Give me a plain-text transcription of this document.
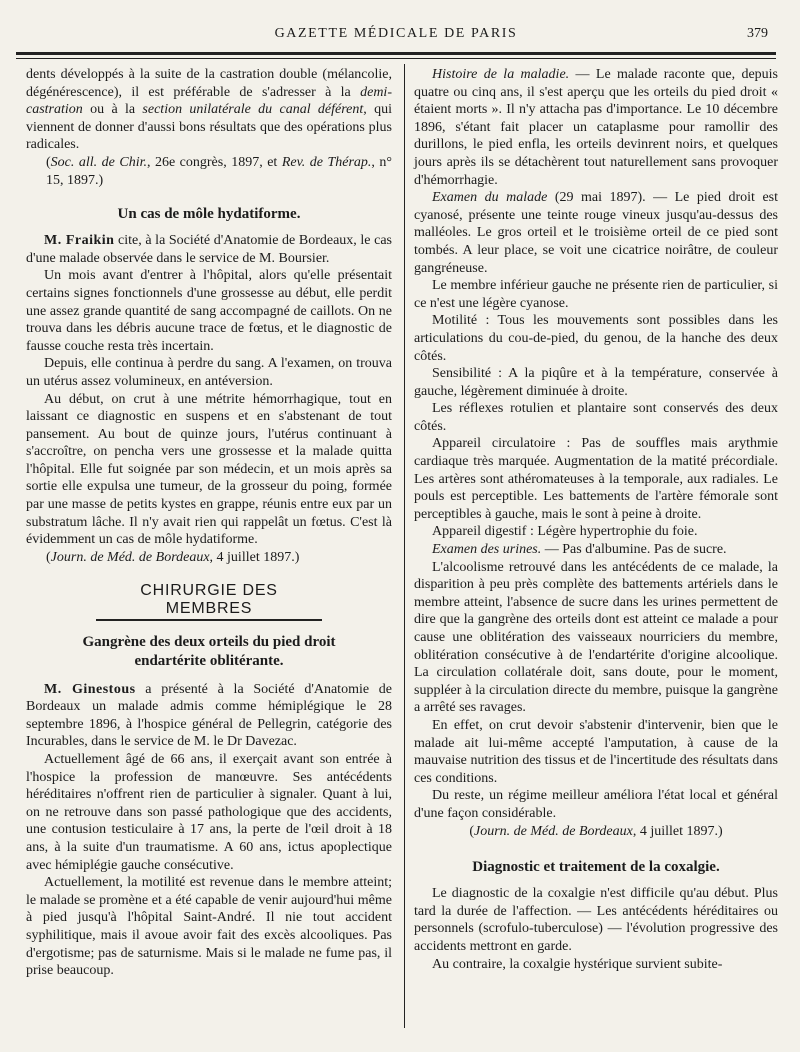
GAZETTE MÉDICALE DE PARIS	379

dents développés à la suite de la castration double (mélancolie, dégénérescence), il est préférable de s'adresser à la demi-castration ou à la section unilatérale du canal déférent, qui viennent de donner d'aussi bons résultats que des opérations plus radicales.

(Soc. all. de Chir., 26e congrès, 1897, et Rev. de Thérap., n° 15, 1897.)

Un cas de môle hydatiforme.

M. Fraikin cite, à la Société d'Anatomie de Bordeaux, le cas d'une malade observée dans le service de M. Boursier.

Un mois avant d'entrer à l'hôpital, alors qu'elle présentait certains signes fonctionnels d'une grossesse au début, elle perdit une assez grande quantité de sang accompagné de caillots. On ne trouva dans les débris aucune trace de fœtus, et le diagnostic de fausse couche resta très incertain.

Depuis, elle continua à perdre du sang. A l'examen, on trouva un utérus assez volumineux, en antéversion.

Au début, on crut à une métrite hémorrhagique, tout en laissant ce diagnostic en suspens et en s'abstenant de tout pansement. Au bout de quinze jours, l'utérus continuant à s'accroître, on pencha vers une grossesse et la malade quitta l'hôpital. Elle fut soignée par son médecin, et un mois après sa sortie elle expulsa une tumeur, de la grosseur du poing, formée par une masse de petits kystes en grappe, réunis entre eux par un substratum lâche. Il n'y avait rien qui rappelât un fœtus. C'est là évidemment un cas de môle hydatiforme.

(Journ. de Méd. de Bordeaux, 4 juillet 1897.)

CHIRURGIE DES MEMBRES
Gangrène des deux orteils du pied droit
endartérite oblitérante.

M. Ginestous a présenté à la Société d'Anatomie de Bordeaux un malade admis comme hémiplégique le 28 septembre 1896, à l'hospice général de Pellegrin, catégorie des Incurables, dans le service de M. le Dr Davezac.

Actuellement âgé de 66 ans, il exerçait avant son entrée à l'hospice la profession de manœuvre. Ses antécédents héréditaires n'offrent rien de particulier à signaler. Quant à lui, on ne retrouve dans son passé pathologique que des accidents, une contusion testiculaire à 17 ans, la perte de l'œil droit à 18 ans, à la suite d'un traumatisme. A 60 ans, ictus apoplectique avec hémiplégie gauche consécutive.

Actuellement, la motilité est revenue dans le membre atteint; le malade se promène et a été capable de venir aujourd'hui même à pied jusqu'à l'hôpital Saint-André. Il nie tout accident syphilitique, mais il avoue avoir fait des excès alcooliques. Pas d'ergotisme; pas de saturnisme. Mais si le malade ne fume pas, il prise beaucoup.

Histoire de la maladie. — Le malade raconte que, depuis quatre ou cinq ans, il s'est aperçu que les orteils du pied droit « étaient morts ». Il n'y attacha pas d'importance. Le 10 décembre 1896, s'étant fait placer un cataplasme pour ramollir des durillons, le pied enfla, les orteils devinrent noirs, et quelques jours après ils se détachèrent tout naturellement sans provoquer d'hémorrhagie.

Examen du malade (29 mai 1897). — Le pied droit est cyanosé, présente une teinte rouge vineux jusqu'au-dessus des malléoles. Le gros orteil et le troisième orteil de ce pied sont tombés. A leur place, se voit une cicatrice noirâtre, de couleur gangréneuse.

Le membre inférieur gauche ne présente rien de particulier, si ce n'est une légère cyanose.

Motilité : Tous les mouvements sont possibles dans les articulations du cou-de-pied, du genou, de la hanche des deux côtés.

Sensibilité : A la piqûre et à la température, conservée à gauche, légèrement diminuée à droite.

Les réflexes rotulien et plantaire sont conservés des deux côtés.

Appareil circulatoire : Pas de souffles mais arythmie cardiaque très marquée. Augmentation de la matité précordiale. Les artères sont athéromateuses à la temporale, aux radiales. Le pouls est perceptible. Les battements de l'artère fémorale sont perceptibles à gauche, mais le sont à peine à droite.

Appareil digestif : Légère hypertrophie du foie.

Examen des urines. — Pas d'albumine. Pas de sucre.

L'alcoolisme retrouvé dans les antécédents de ce malade, la disparition à peu près complète des battements artériels dans le membre atteint, l'absence de sucre dans les urines permettent de dire que la gangrène des orteils dont est atteint ce malade a pour cause une oblitération des vaisseaux nourriciers du membre, oblitération consécutive à de l'endartérite d'origine alcoolique. La circulation collatérale doit, sans doute, pour le moment, suppléer à la circulation directe du membre, puisque la gangrène a arrêté ses ravages.

En effet, on crut devoir s'abstenir d'intervenir, bien que le malade ait lui-même accepté l'amputation, à cause de la mauvaise nutrition des tissus et de l'incertitude des résultats dans ces conditions.

Du reste, un régime meilleur améliora l'état local et général d'une façon considérable.

(Journ. de Méd. de Bordeaux, 4 juillet 1897.)

Diagnostic et traitement de la coxalgie.

Le diagnostic de la coxalgie n'est difficile qu'au début. Plus tard la durée de l'affection. — Les antécédents héréditaires ou personnels (scrofulo-tuberculose) — l'évolution progressive des accidents mettront en garde.

Au contraire, la coxalgie hystérique survient subite-
